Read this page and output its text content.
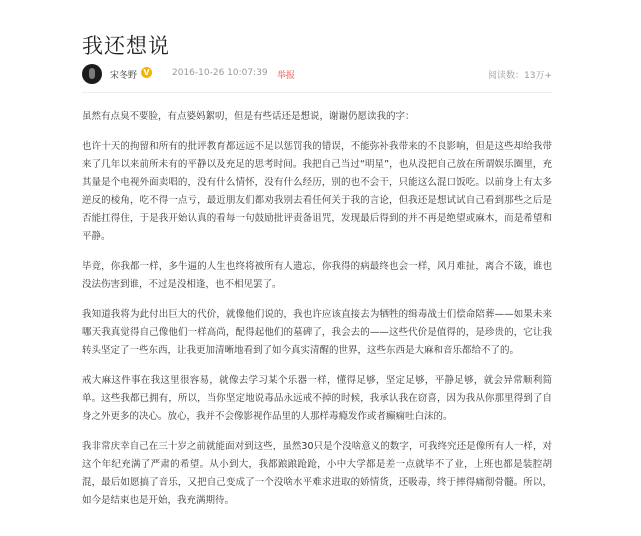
我还想说
宋冬野 V 2016-10-26 10:07:39 举报	阅读数：13万+

虽然有点臭不要脸，有点婆妈絮叨，但是有些话还是想说，谢谢仍愿读我的字：

也许十天的拘留和所有的批评教育都远远不足以惩罚我的错误，不能弥补我带来的不良影响，但是这些却给我带来了几年以来前所未有的平静以及充足的思考时间。我把自己当过“明星”，也从没把自己放在所谓娱乐圈里，充其量是个电视外面卖唱的，没有什么情怀，没有什么经历，别的也不会干，只能这么混口饭吃。以前身上有太多逆反的棱角，吃不得一点亏，最近朋友们都劝我别去看任何关于我的言论，但我还是想试试自己看到那些之后是否能扛得住，于是我开始认真的看每一句鼓励批评责备诅咒，发现最后得到的并不再是绝望或麻木，而是希望和平静。

毕竟，你我都一样，多牛逼的人生也终将被所有人遗忘，你我得的病最终也会一样，风月难扯，离合不箴，谁也没法伤害到谁，不过是没相逢，也不相见罢了。

我知道我将为此付出巨大的代价，就像他们说的，我也许应该直接去为牺牲的缉毒战士们偿命陪葬——如果未来哪天我真觉得自己像他们一样高尚，配得起他们的墓碑了，我会去的——这些代价是值得的，是珍贵的，它让我转头坚定了一些东西，让我更加清晰地看到了如今真实清醒的世界，这些东西是大麻和音乐都给不了的。

戒大麻这件事在我这里很容易，就像去学习某个乐器一样，懂得足够，坚定足够，平静足够，就会异常顺利简单。这些我都已拥有，所以，当你坚定地说毒品永远戒不掉的时候，我承认我在窃喜，因为我从你那里得到了自身之外更多的决心。放心，我并不会像影视作品里的人那样毒瘾发作或者癫痫吐白沫的。

我非常庆幸自己在三十岁之前就能面对到这些，虽然30只是个没啥意义的数字，可我终究还是像所有人一样，对这个年纪充满了严肃的希望。从小到大，我都踉踉跄跄，小中大学都是差一点就毕不了业，上班也都是装腔胡混，最后如愿搞了音乐，又把自己变成了一个没啥水平难求进取的娇情货，还吸毒，终于摔得痛彻骨髓。所以，如今是结束也是开始，我充满期待。
